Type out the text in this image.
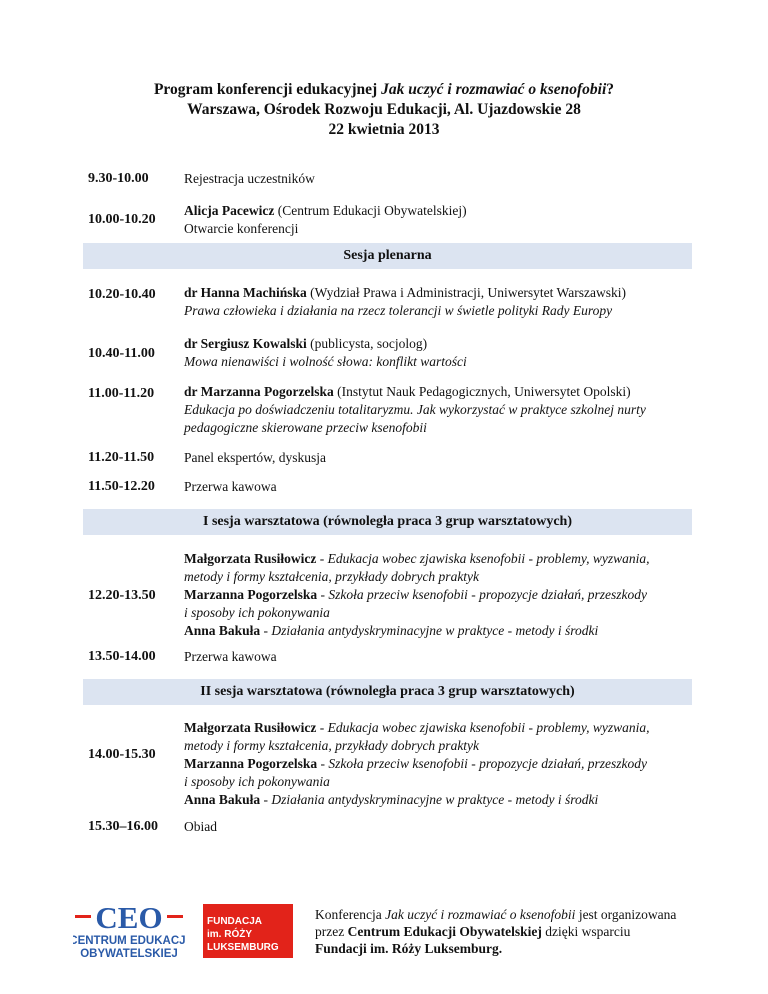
Program konferencji edukacyjnej Jak uczyć i rozmawiać o ksenofobii?
Warszawa, Ośrodek Rozwoju Edukacji, Al. Ujazdowskie 28
22 kwietnia 2013
9.30-10.00	Rejestracja uczestników
10.00-10.20
Alicja Pacewicz (Centrum Edukacji Obywatelskiej)
Otwarcie konferencji
Sesja plenarna
10.20-10.40 dr Hanna Machińska (Wydział Prawa i Administracji, Uniwersytet Warszawski)
Prawa człowieka i działania na rzecz tolerancji w świetle polityki Rady Europy
10.40-11.00
dr Sergiusz Kowalski (publicysta, socjolog)
Mowa nienawiści i wolność słowa: konflikt wartości
11.00-11.20 dr Marzanna Pogorzelska (Instytut Nauk Pedagogicznych, Uniwersytet Opolski)
Edukacja po doświadczeniu totalitaryzmu. Jak wykorzystać w praktyce szkolnej nurty
pedagogiczne skierowane przeciw ksenofobii
11.20-11.50 Panel ekspertów, dyskusja
11.50-12.20 Przerwa kawowa
I sesja warsztatowa (równoległa praca 3 grup warsztatowych)
12.20-13.50
Małgorzata Rusiłowicz - Edukacja wobec zjawiska ksenofobii - problemy, wyzwania,
metody i formy kształcenia, przykłady dobrych praktyk
Marzanna Pogorzelska - Szkoła przeciw ksenofobii - propozycje działań, przeszkody
i sposoby ich pokonywania
Anna Bakuła - Działania antydyskryminacyjne w praktyce - metody i środki
13.50-14.00 Przerwa kawowa
II sesja warsztatowa (równoległa praca 3 grup warsztatowych)
14.00-15.30
Małgorzata Rusiłowicz - Edukacja wobec zjawiska ksenofobii - problemy, wyzwania,
metody i formy kształcenia, przykłady dobrych praktyk
Marzanna Pogorzelska - Szkoła przeciw ksenofobii - propozycje działań, przeszkody
i sposoby ich pokonywania
Anna Bakuła - Działania antydyskryminacyjne w praktyce - metody i środki
15.30–16.00 Obiad
CEO
CENTRUM EDUKACJI
OBYWATELSKIEJ
FUNDACJA
im. RÓŻY
LUKSEMBURG
Konferencja Jak uczyć i rozmawiać o ksenofobii jest organizowana
przez Centrum Edukacji Obywatelskiej dzięki wsparciu
Fundacji im. Róży Luksemburg.
